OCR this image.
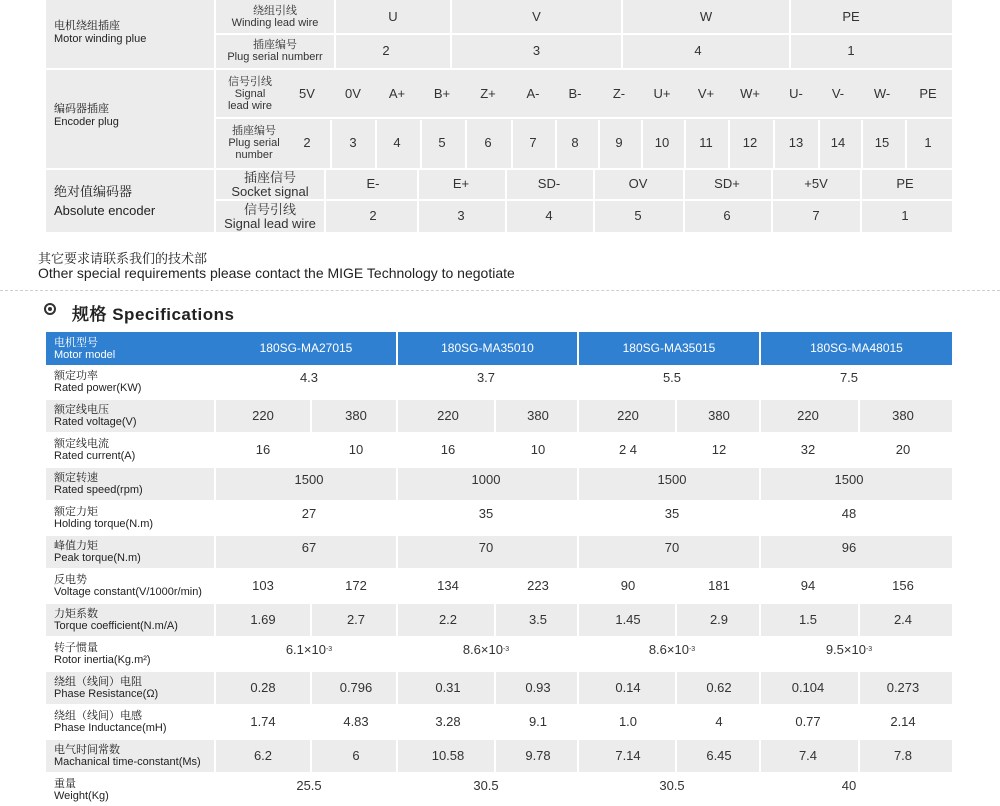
电机绕组插座
Motor winding plue
绕组引线
Winding lead wire
插座编号
Plug serial numberr
U	V	W	PE
2	3	4	1
编码器插座
Encoder plug
信号引线
Signal
lead wire
插座编号
Plug serial
number
5V	0V	A+	B+	Z+	A-	B-	Z-	U+	V+	W+	U-	V-	W-	PE
2	3	4	5	6	7	8	9	10	11	12	13	14	15	1
绝对值编码器
Absolute encoder
插座信号
Socket signal
信号引线
Signal lead wire
E-	E+	SD-	OV	SD+	+5V	PE
2	3	4	5	6	7	1
其它要求请联系我们的技术部
Other special requirements please contact the MIGE Technology to negotiate
规格 Specifications
电机型号
Motor model	180SG-MA27015	180SG-MA35010	180SG-MA35015	180SG-MA48015
额定功率
Rated power(KW)
4.3	3.7	5.5	7.5
额定线电压
Rated voltage(V)	220	380	220	380	220	380	220	380
额定线电流
Rated current(A)	16	10	16	10	2 4	12	32	20
额定转速
Rated speed(rpm)
1500	1000	1500	1500
额定力矩
Holding torque(N.m)
27	35	35	48
峰值力矩
Peak torque(N.m)
67	70	70	96
反电势
Voltage constant(V/1000r/min)	103	172	134	223	90	181	94	156
力矩系数
Torque coefficient(N.m/A)	1.69	2.7	2.2	3.5	1.45	2.9	1.5	2.4
转子惯量
Rotor inertia(Kg.m²)
6.1×10 -3	8.6×10 -3	8.6×10 -3	9.5×10 -3
绕组（线间）电阻
Phase Resistance(Ω)	0.28	0.796	0.31	0.93	0.14	0.62	0.104	0.273
绕组（线间）电感
Phase Inductance(mH)	1.74	4.83	3.28	9.1	1.0	4	0.77	2.14
电气时间常数
Machanical time-constant(Ms)	6.2	6	10.58	9.78	7.14	6.45	7.4	7.8
重量
Weight(Kg)
25.5	30.5	30.5	40
